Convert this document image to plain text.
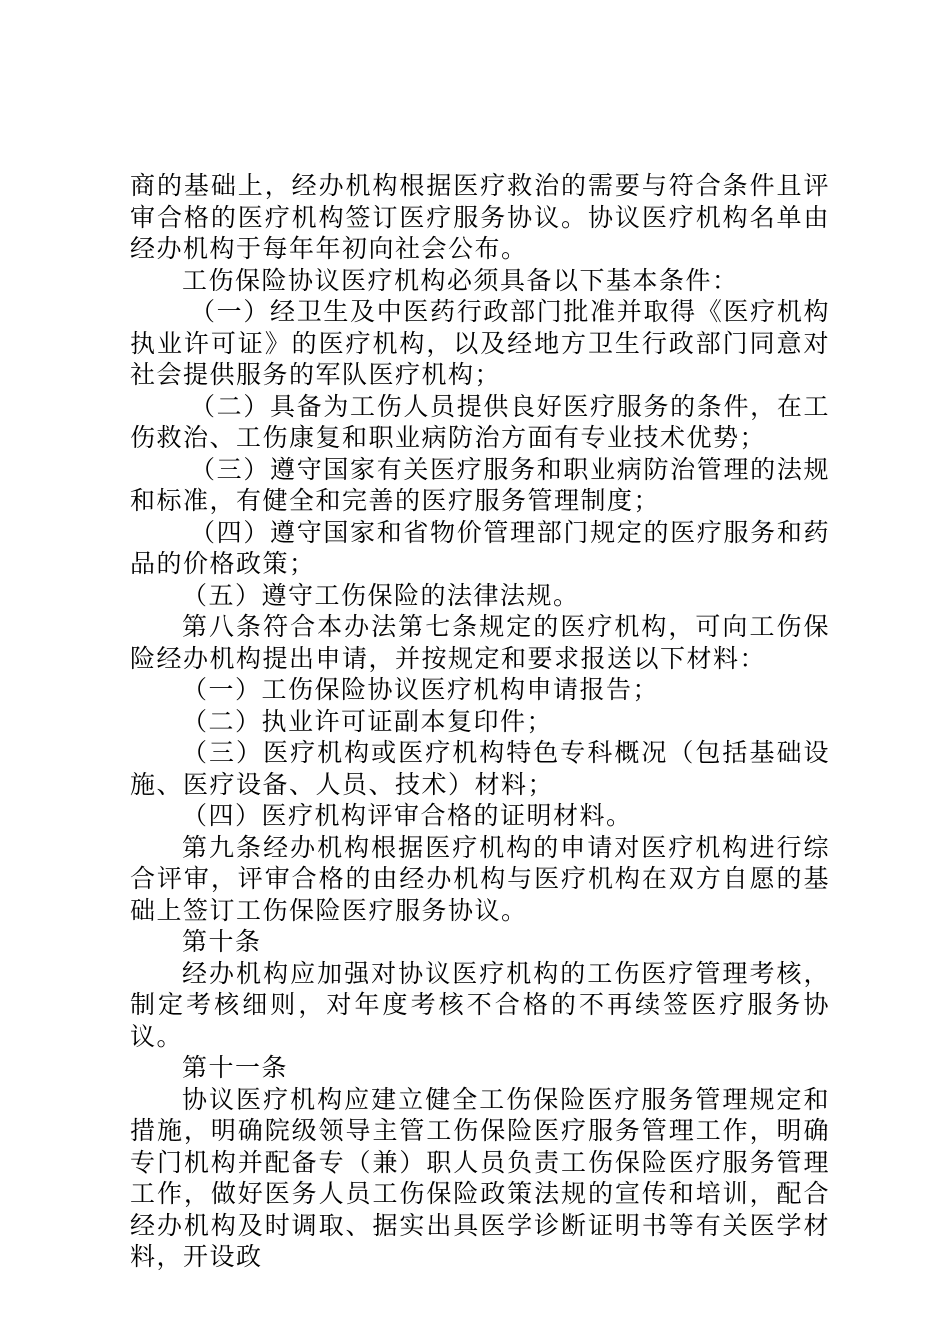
商的基础上，经办机构根据医疗救治的需要与符合条件且评审合格的医疗机构签订医疗服务协议。协议医疗机构名单由经办机构于每年年初向社会公布。

工伤保险协议医疗机构必须具备以下基本条件：

（一）经卫生及中医药行政部门批准并取得《医疗机构执业许可证》的医疗机构，以及经地方卫生行政部门同意对社会提供服务的军队医疗机构；

（二）具备为工伤人员提供良好医疗服务的条件，在工伤救治、工伤康复和职业病防治方面有专业技术优势；

（三）遵守国家有关医疗服务和职业病防治管理的法规和标准，有健全和完善的医疗服务管理制度；

（四）遵守国家和省物价管理部门规定的医疗服务和药品的价格政策；

（五）遵守工伤保险的法律法规。

第八条符合本办法第七条规定的医疗机构，可向工伤保险经办机构提出申请，并按规定和要求报送以下材料：

（一）工伤保险协议医疗机构申请报告；

（二）执业许可证副本复印件；

（三）医疗机构或医疗机构特色专科概况（包括基础设施、医疗设备、人员、技术）材料；

（四）医疗机构评审合格的证明材料。

第九条经办机构根据医疗机构的申请对医疗机构进行综合评审，评审合格的由经办机构与医疗机构在双方自愿的基础上签订工伤保险医疗服务协议。

第十条

经办机构应加强对协议医疗机构的工伤医疗管理考核，制定考核细则，对年度考核不合格的不再续签医疗服务协议。

第十一条

协议医疗机构应建立健全工伤保险医疗服务管理规定和措施，明确院级领导主管工伤保险医疗服务管理工作，明确专门机构并配备专（兼）职人员负责工伤保险医疗服务管理工作，做好医务人员工伤保险政策法规的宣传和培训，配合经办机构及时调取、据实出具医学诊断证明书等有关医学材料，开设政
